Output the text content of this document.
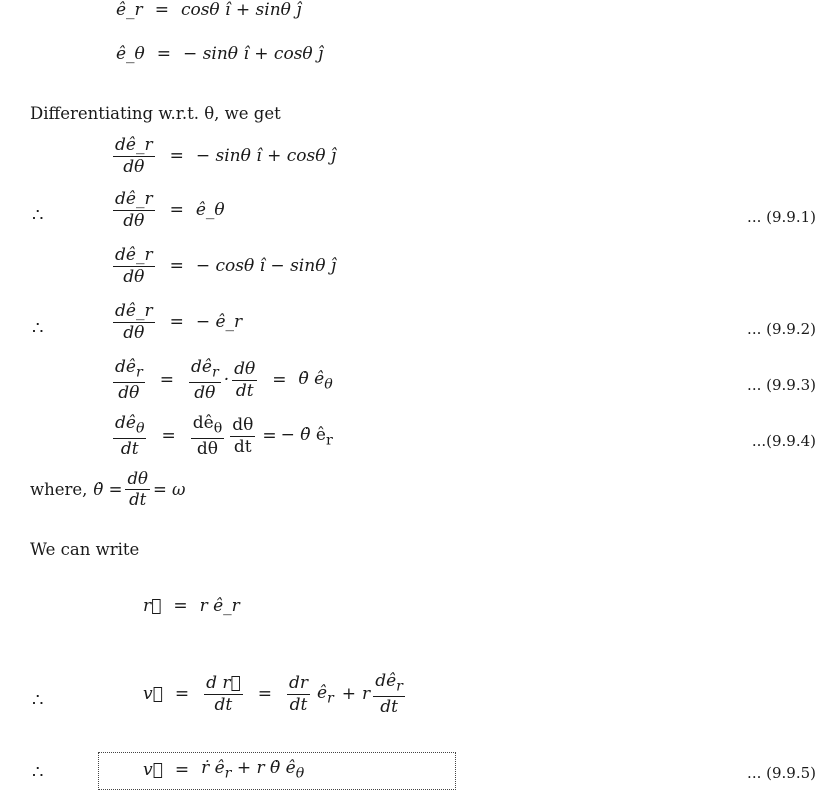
ê_r = cosθ î + sinθ ĵ
ê_θ = − sinθ î + cosθ ĵ
Differentiating w.r.t. θ, we get
$\frac{dê\_r}{d\theta}$ = − sinθ î + cosθ ĵ
∴	$\frac{dê\_r}{d\theta}$ = ê_θ	... (9.9.1)
$\frac{dê\_r}{d\theta}$ = − cosθ î − sinθ ĵ
∴	$\frac{dê\_r}{d\theta}$ = − ê_r	... (9.9.2)
$\frac{dê_r}{d\theta} = \frac{dê_r}{d\theta} \cdot \frac{d\theta}{dt}$ = θ̇ $ê_\theta$	... (9.9.3)
$\frac{dê_\theta}{dt} = \frac{dê_\theta}{d\theta} \frac{d\theta}{dt}$ = − θ̇ $ê_r$	...(9.9.4)
where, θ̇ = $\frac{d\theta}{dt} = \omega$
We can write
r⃗ = r ê_r
∴	v⃗ = $\frac{\text{d r⃗}}{dt} = \frac{dr}{dt}$ $ê_r + r \frac{dê_r}{dt}$
∴	v⃗ = ṙ $ê_r + r$ θ̇ $ê_\theta$	... (9.9.5)
